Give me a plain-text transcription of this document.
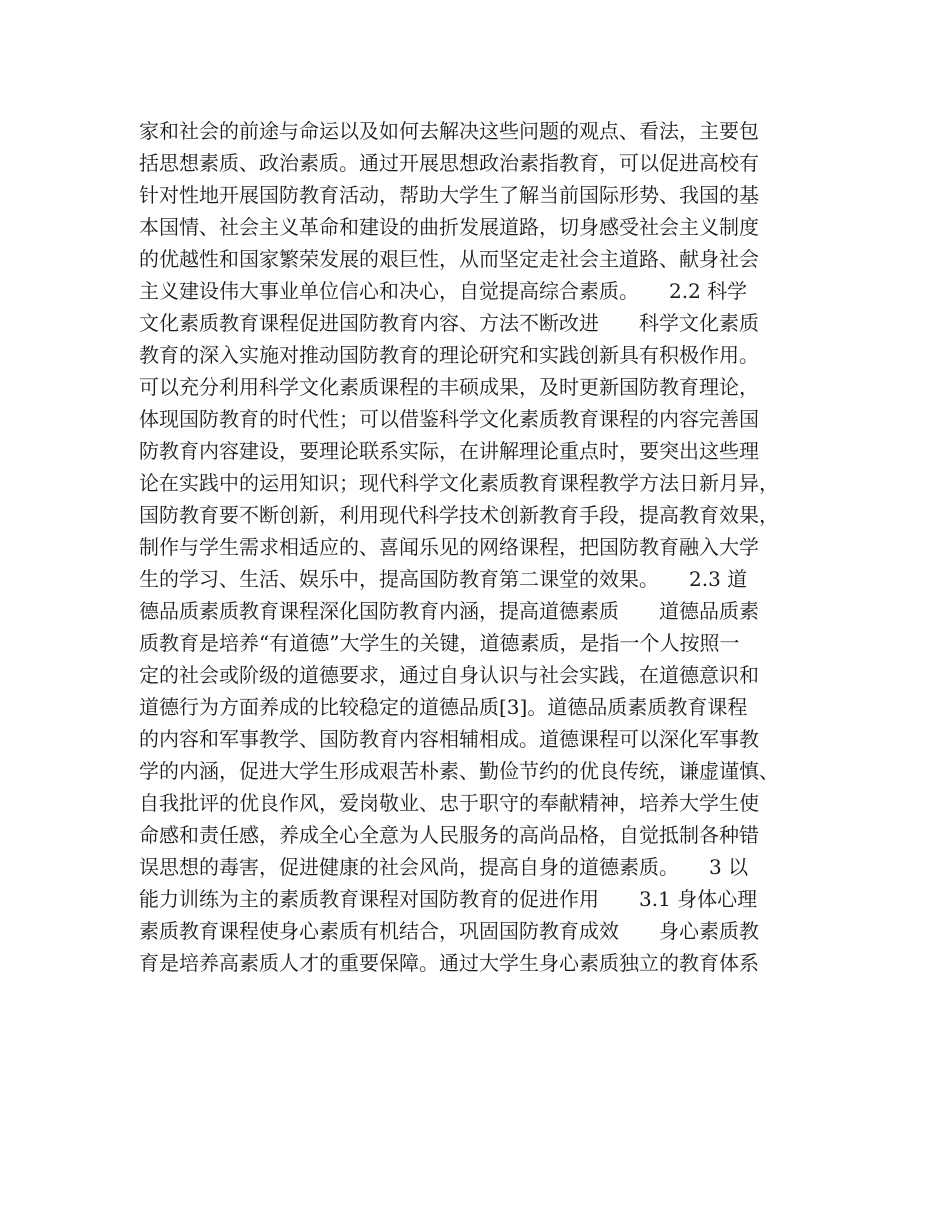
家和社会的前途与命运以及如何去解决这些问题的观点、看法，主要包
括思想素质、政治素质。通过开展思想政治素指教育，可以促进高校有
针对性地开展国防教育活动，帮助大学生了解当前国际形势、我国的基
本国情、社会主义革命和建设的曲折发展道路，切身感受社会主义制度
的优越性和国家繁荣发展的艰巨性，从而坚定走社会主道路、献身社会
主义建设伟大事业单位信心和决心，自觉提高综合素质。　　2.2 科学
文化素质教育课程促进国防教育内容、方法不断改进　　科学文化素质
教育的深入实施对推动国防教育的理论研究和实践创新具有积极作用。
可以充分利用科学文化素质课程的丰硕成果，及时更新国防教育理论，
体现国防教育的时代性；可以借鉴科学文化素质教育课程的内容完善国
防教育内容建设，要理论联系实际，在讲解理论重点时，要突出这些理
论在实践中的运用知识；现代科学文化素质教育课程教学方法日新月异，
国防教育要不断创新，利用现代科学技术创新教育手段，提高教育效果，
制作与学生需求相适应的、喜闻乐见的网络课程，把国防教育融入大学
生的学习、生活、娱乐中，提高国防教育第二课堂的效果。　　2.3 道
德品质素质教育课程深化国防教育内涵，提高道德素质　　道德品质素
质教育是培养“有道德”大学生的关键，道德素质，是指一个人按照一
定的社会或阶级的道德要求，通过自身认识与社会实践，在道德意识和
道德行为方面养成的比较稳定的道德品质[3]。道德品质素质教育课程
的内容和军事教学、国防教育内容相辅相成。道德课程可以深化军事教
学的内涵，促进大学生形成艰苦朴素、勤俭节约的优良传统，谦虚谨慎、
自我批评的优良作风，爱岗敬业、忠于职守的奉献精神，培养大学生使
命感和责任感，养成全心全意为人民服务的高尚品格，自觉抵制各种错
误思想的毒害，促进健康的社会风尚，提高自身的道德素质。　　3 以
能力训练为主的素质教育课程对国防教育的促进作用　　3.1 身体心理
素质教育课程使身心素质有机结合，巩固国防教育成效　　身心素质教
育是培养高素质人才的重要保障。通过大学生身心素质独立的教育体系
